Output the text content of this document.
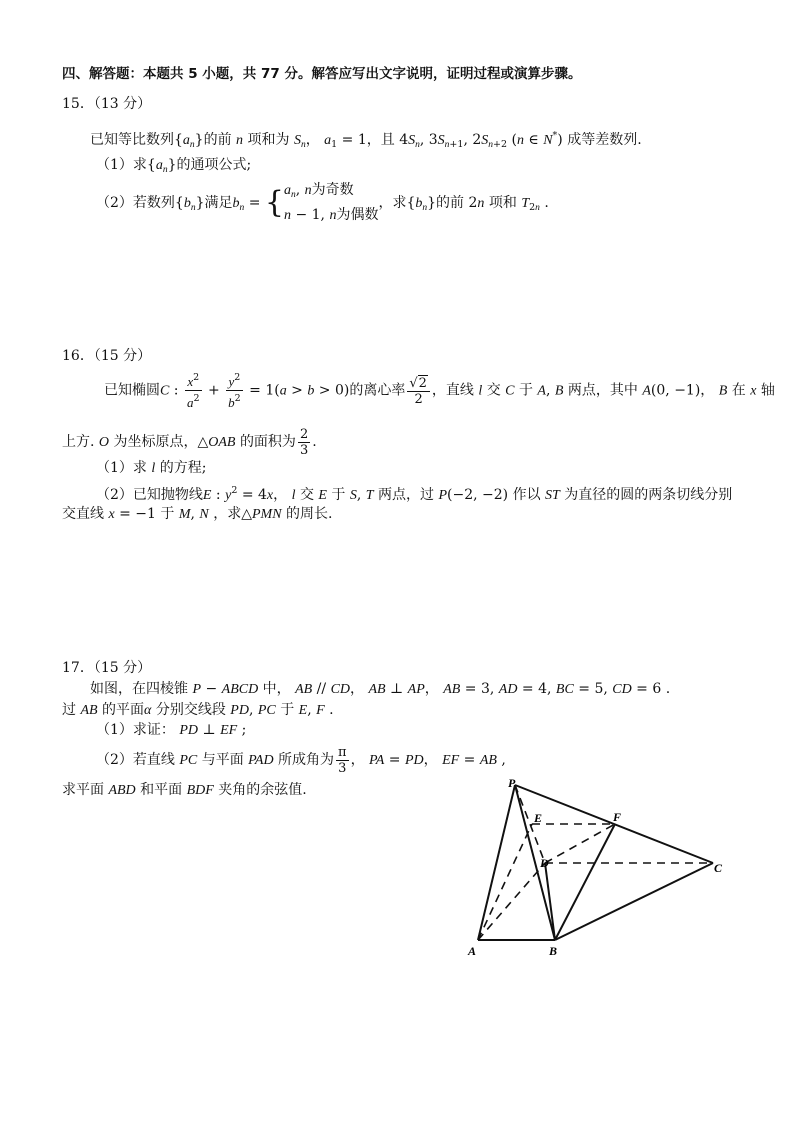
四、解答题：本题共 5 小题，共 77 分。解答应写出文字说明，证明过程或演算步骤。
15．（13 分）
已知等比数列$\{a_n\}$的前 n 项和为 $S_n$， $a_1 = 1$，且 $4S_n$, $3S_{n+1}$, $2S_{n+2}$ (n ∈ N*) 成等差数列.
（1）求$\{a_n\}$的通项公式;
（2）若数列$\{b_n\}$满足$b_n$ = { $a_n$, n为奇数
n − 1, n为偶数
，求$\{b_n\}$的前 2n 项和 $T_{2n}$ .
16．（15 分）
已知椭圆C : $\frac{x^2}{a^2} + \frac{y^2}{b^2} = 1(a > b > 0)$的离心率 $\frac{√2}{2}$ ，直线 l 交 C 于 A, B 两点，其中 A(0, −1)， B 在 x 轴
上方. O 为坐标原点，△OAB 的面积为 $\frac{2}{3}$ .
（1）求 l 的方程;
（2）已知抛物线E : $y^2 = 4x$， l 交 E 于 S, T 两点，过 P(−2, −2) 作以 ST 为直径的圆的两条切线分别
交直线 x = −1 于 M, N ，求△PMN 的周长.
17．（15 分）
如图，在四棱锥 P − ABCD 中， AB // CD， AB ⊥ AP， AB = 3, AD = 4, BC = 5, CD = 6 .
过 AB 的平面α 分别交线段 PD, PC 于 E, F .
（1）求证： PD ⊥ EF ;
（2）若直线 PC 与平面 PAD 所成角为 $\frac{\pi}{3}$ ， PA = PD， EF = AB ,
求平面 ABD 和平面 BDF 夹角的余弦值.	P
E	F
D	C
A	B
